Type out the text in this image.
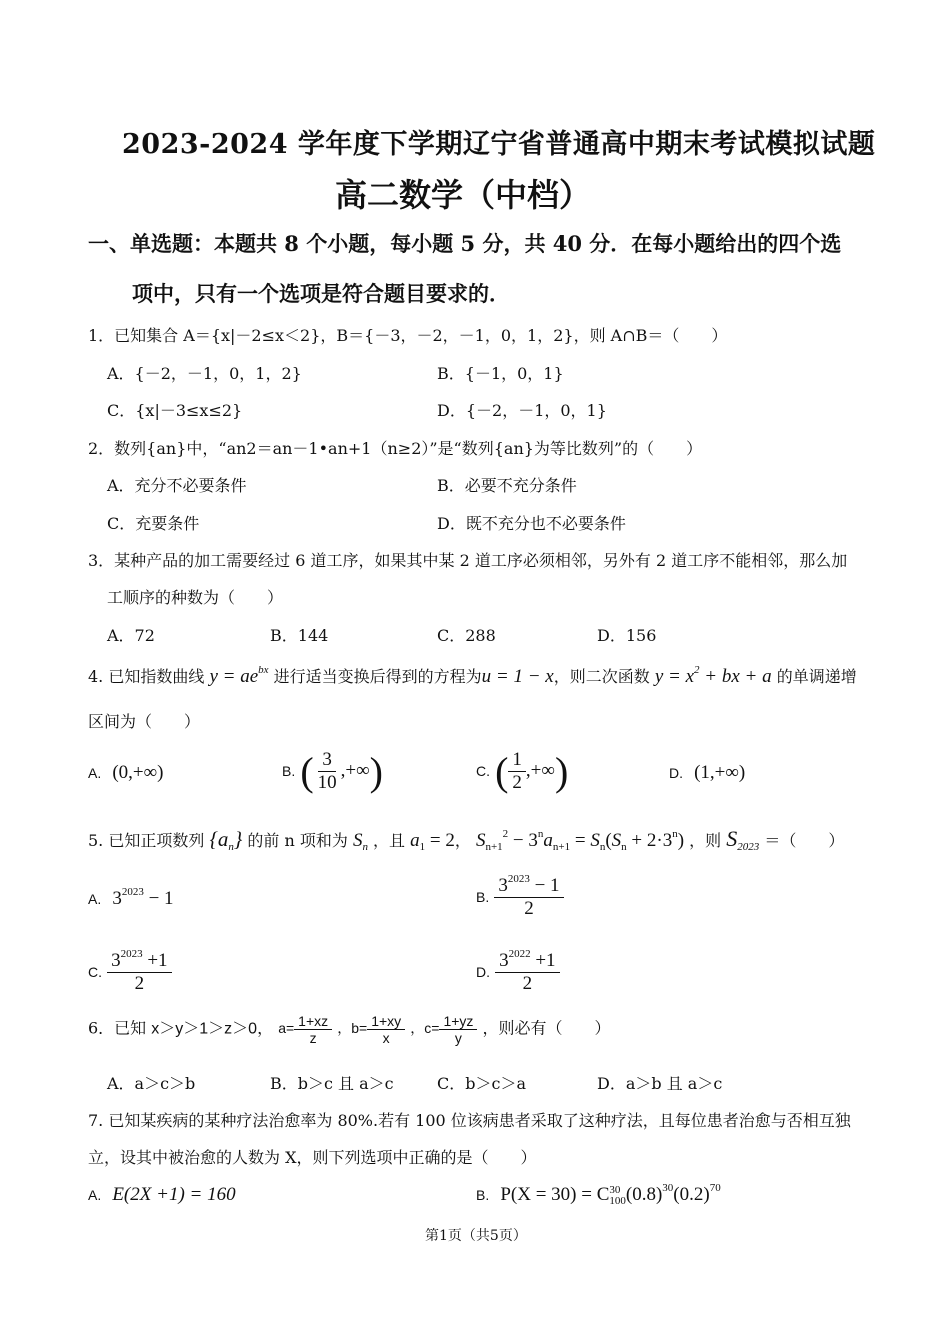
2023-2024 学年度下学期辽宁省普通高中期末考试模拟试题
高二数学（中档）
一、单选题：本题共 8 个小题，每小题 5 分，共 40 分．在每小题给出的四个选
项中，只有一个选项是符合题目要求的．
1．已知集合 A＝{x|－2≤x＜2}，B＝{－3，－2，－1，0，1，2}，则 A∩B＝（　　）
A．{－2，－1，0，1，2}	B．{－1，0，1}
C．{x|－3≤x≤2}	D．{－2，－1，0，1}
2．数列{an}中，“an2＝an－1•an+1（n≥2）”是“数列{an}为等比数列”的（　　）
A．充分不必要条件	B．必要不充分条件
C．充要条件	D．既不充分也不必要条件
3．某种产品的加工需要经过 6 道工序，如果其中某 2 道工序必须相邻，另外有 2 道工序不能相邻，那么加
工顺序的种数为（　　）
A．72	B．144	C．288	D．156
4. 已知指数曲线 $y = ae^{bx}$ 进行适当变换后得到的方程为u = 1 − x，则二次函数 $y = x^2$ + bx + a 的单调递增
区间为（　　）
A. (0,+∞)	B. ( $\frac{3}{10}$ ,+∞)	C. ( $\frac{1}{2}$ ,+∞)	D. (1,+∞)
5. 已知正项数列 $\{a_n\}$ 的前 n 项和为 $S_n$ ，且 $a_1 = 2$， $S_{n+1}^2 - 3^na_{n+1} = S_n(S_n + 2\cdot 3^n)$ ，则 $S_{2023}$ ＝（　　）
A. $3^{2023} - 1$	B. $\frac{3^{2023} - 1}{2}$
C. $\frac{3^{2023} +1}{2}$	D. $\frac{3^{2022} +1}{2}$
6．已知 x＞y＞1＞z＞0， $a= \frac{1+xz}{z}$ ，$b= \frac{1+xy}{x}$ ，$c= \frac{1+yz}{y}$ ，则必有（　　）
A．a＞c＞b	B．b＞c 且 a＞c	C．b＞c＞a	D．a＞b 且 a＞c
7. 已知某疾病的某种疗法治愈率为 80%.若有 100 位该病患者采取了这种疗法，且每位患者治愈与否相互独
立，设其中被治愈的人数为 X，则下列选项中正确的是（　　）
A. E(2X +1) = 160	B. P(X = 30) = C 30
100 $(0.8)^{30}(0.2)^{70}$
第1页（共5页）
